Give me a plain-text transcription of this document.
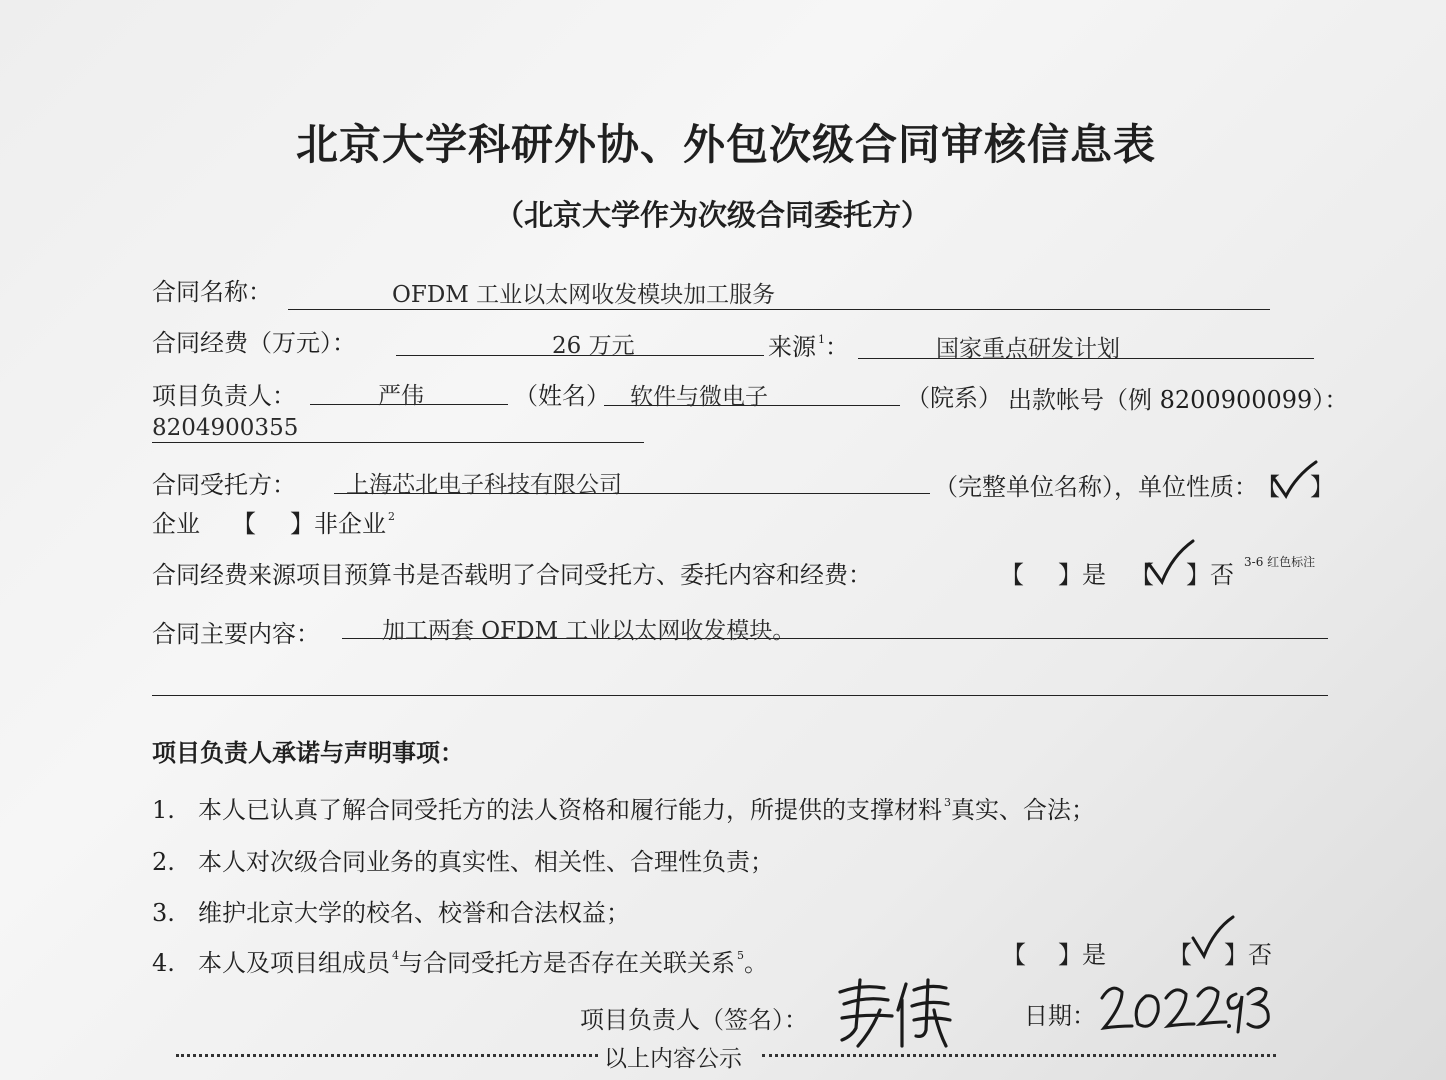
北京大学科研外协、外包次级合同审核信息表
（北京大学作为次级合同委托方）
合同名称：	OFDM 工业以太网收发模块加工服务
合同经费（万元）：	26 万元	来源 $^1$：	国家重点研发计划
项目负责人：	严伟	（姓名） 软件与微电子	（院系） 出款帐号（例 8200900099）：
8204900355
合同受托方： 上海芯北电子科技有限公司	（完整单位名称），单位性质：
【 】
企业 【 】非企业 $^2$
合同经费来源项目预算书是否载明了合同受托方、委托内容和经费：	【 】是 【 】否 3-6 红色标注
合同主要内容：	加工两套 OFDM 工业以太网收发模块。
项目负责人承诺与声明事项：
1. 本人已认真了解合同受托方的法人资格和履行能力，所提供的支撑材料 $^3$真实、合法；
2. 本人对次级合同业务的真实性、相关性、合理性负责；
3. 维护北京大学的校名、校誉和合法权益；
4. 本人及项目组成员 $^4$与合同受托方是否存在关联关系 $^5$。	【 】是	【 】否
项目负责人（签名）：	日期：
以上内容公示
